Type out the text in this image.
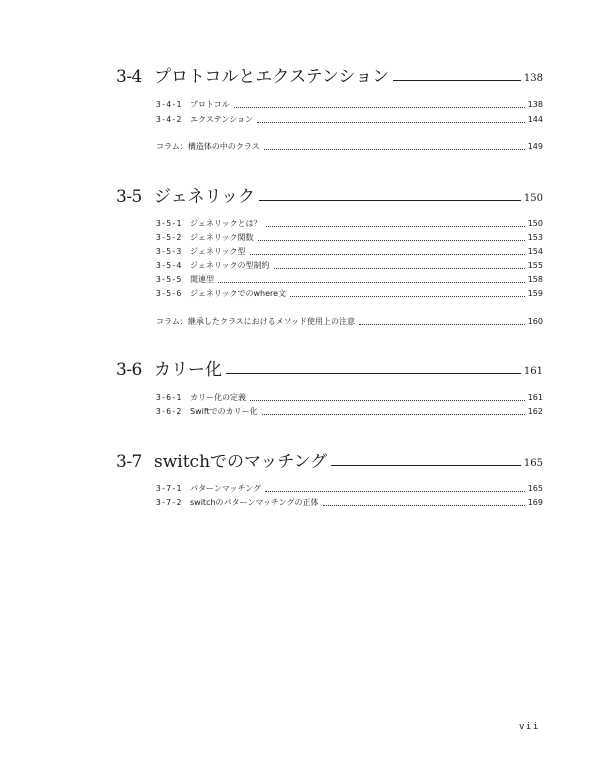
3-4 プロトコルとエクステンション	138
3-4-1	プロトコル	138
3-4-2	エクステンション	144
コラム：構造体の中のクラス	149
3-5 ジェネリック	150
3-5-1	ジェネリックとは？	150
3-5-2	ジェネリック関数	153
3-5-3	ジェネリック型	154
3-5-4	ジェネリックの型制約	155
3-5-5	関連型	158
3-5-6	ジェネリックでのwhere文	159
コラム：継承したクラスにおけるメソッド使用上の注意	160
3-6 カリー化	161
3-6-1	カリー化の定義	161
3-6-2	Swiftでのカリー化	162
3-7 switchでのマッチング	165
3-7-1	パターンマッチング	165
3-7-2	switchのパターンマッチングの正体	169
vii
